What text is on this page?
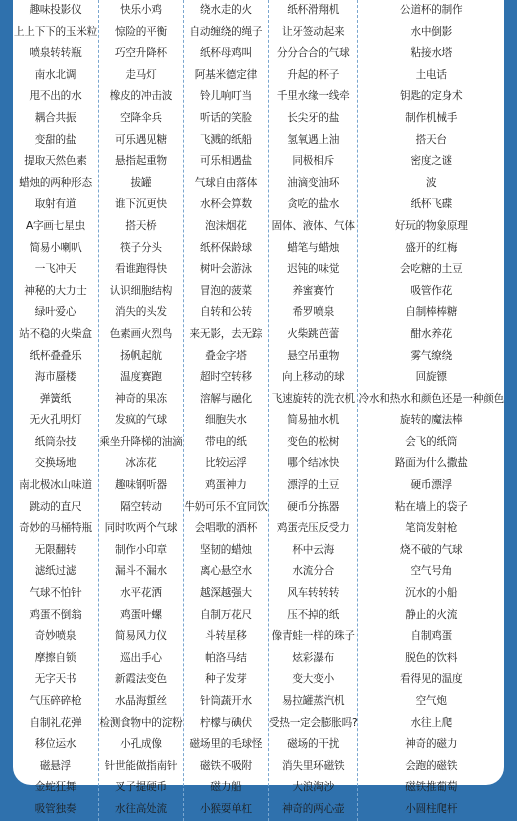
趣味投影仪
上上下下的玉米粒
喷泉转转瓶
南水北调
甩不出的水
耦合共振
变甜的盐
提取天然色素
蜡烛的两种形态
取射有道
A字画七星虫
简易小喇叭
一飞冲天
神秘的大力士
绿叶爱心
站不稳的火柴盒
纸杯叠叠乐
海市蜃楼
弹簧纸
无火孔明灯
纸筒杂技
交换场地
南北极冰山味道
跳动的直尺
奇妙的马桶特瓶
无限翻转
滤纸过滤
气球不怕针
鸡蛋不倒翁
奇妙喷泉
摩擦自锁
无字天书
气压碎碎枪
自制礼花弹
移位运水
磁悬浮
金蛇狂舞
吸管独奏
快乐小鸡
惊险的平衡
巧空升降杯
走马灯
橡皮的冲击波
空降伞兵
可乐遇见糖
悬指起重物
拔罐
谁下沉更快
搭天桥
筷子分头
看谁跑得快
认识细胞结构
消失的头发
色素画火烈鸟
扬帆起航
温度赛跑
神奇的果冻
发疯的气球
乘坐升降梯的油滴
冰冻花
趣味钢听器
隔空转动
同时吹两个气球
制作小印章
漏斗不漏水
水平花洒
鸡蛋叶螺
简易风力仪
巡出手心
新霞法变色
水晶海蜇丝
检测食物中的淀粉
小孔成像
针世能做指南针
叉子提硬币
水往高处流
绕水走的火
自动缠绕的绳子
纸杯母鸡叫
阿基米德定律
铃儿响叮当
听话的笑脸
飞溅的纸船
可乐相遇盐
气球自由落体
水杯会算数
泡沫烟花
纸杯保龄球
树叶会游泳
冒泡的菠菜
自转和公转
来无影，去无踪
叠金字塔
超时空转移
溶解与融化
细胞失水
带电的纸
比较运浮
鸡蛋神力
牛奶可乐不宜同饮
会唱歌的酒杯
坚韧的蜡烛
离心悬空水
越深越强大
自制万花尺
斗转星移
帕洛马结
种子发芽
针筒蔬开水
柠檬与碘伏
磁场里的毛球怪
磁铁不吸附
磁力船
小猴耍单杠
纸杯滑翔机
让牙签动起来
分分合合的气球
升起的杯子
千里水缘一线牵
长尖牙的盐
氢氧遇上油
同极相斥
油滴变油环
贪吃的盐水
固体、液体、气体
蜡笔与蜡烛
迟钝的味觉
养蜜赛竹
希罗喷泉
火柴跳芭蕾
悬空吊重物
向上移动的球
飞速旋转的洗衣机
简易抽水机
变色的松树
哪个结冰快
漂浮的土豆
硬币分拣器
鸡蛋壳压反受力
杯中云海
水流分合
风车转转转
压不掉的纸
像青蛙一样的珠子
炫彩瀑布
变大变小
易拉罐蒸汽机
受热一定会膨胀吗?
磁场的干扰
消失里环磁铁
大浪淘沙
神奇的两心壶
公道杯的制作
水中倒影
粘接水塔
土电话
钥匙的定身术
制作机械手
搭天台
密度之谜
波
纸杯飞碟
好玩的物象原理
盛开的红梅
会吃糖的土豆
吸管作花
自制棒棒糖
酣水养花
雾气缭绕
回旋镖
冷水和热水和颜色还是一种颜色
旋转的魔法棒
会飞的纸筒
路面为什么撒盐
硬币漂浮
粘在墙上的袋子
笔筒发射枪
烧不破的气球
空气号角
沉水的小船
静止的火流
自制鸡蛋
脱色的饮料
看得见的温度
空气炮
水往上爬
神奇的磁力
会跑的磁铁
磁铁推葡萄
小圆柱爬杆
